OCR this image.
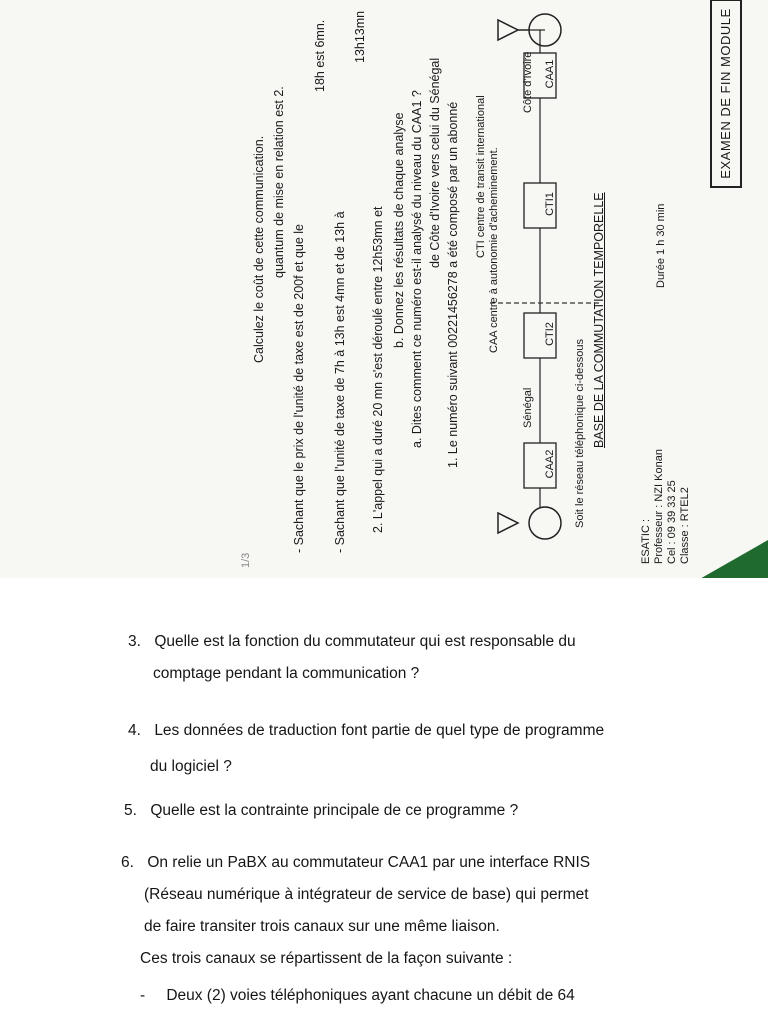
ESATIC : Professeur : NZI Konan Cel : 09 39 33 25 Classe : RTEL2
Durée 1 h 30 min
EXAMEN DE FIN MODULE
BASE DE LA COMMUTATION TEMPORELLE
Soit le réseau téléphonique ci-dessous
CAA1
CTI1
CTI2
CAA2
Côte d'Ivoire
Sénégal
CAA centre à autonomie d'acheminement.
CTI centre de transit international
1. Le numéro suivant 00221456278 a été composé par un abonné
de Côte d'Ivoire vers celui du Sénégal
a. Dites comment ce numéro est-il analysé du niveau du CAA1 ?
b. Donnez les résultats de chaque analyse
2. L'appel qui a duré 20 mn s'est déroulé entre 12h53mn et
13h13mn
- Sachant que l'unité de taxe de 7h à 13h est 4mn et de 13h à
18h est 6mn.
- Sachant que le prix de l'unité de taxe est de 200f et que le
quantum de mise en relation est 2.
Calculez le coût de cette communication.
1/3
3. Quelle est la fonction du commutateur qui est responsable du
comptage pendant la communication ?
4. Les données de traduction font partie de quel type de programme
du logiciel ?
5. Quelle est la contrainte principale de ce programme ?
6. On relie un PaBX au commutateur CAA1 par une interface RNIS
(Réseau numérique à intégrateur de service de base) qui permet
de faire transiter trois canaux sur une même liaison.
Ces trois canaux se répartissent de la façon suivante :
- Deux (2) voies téléphoniques ayant chacune un débit de 64
